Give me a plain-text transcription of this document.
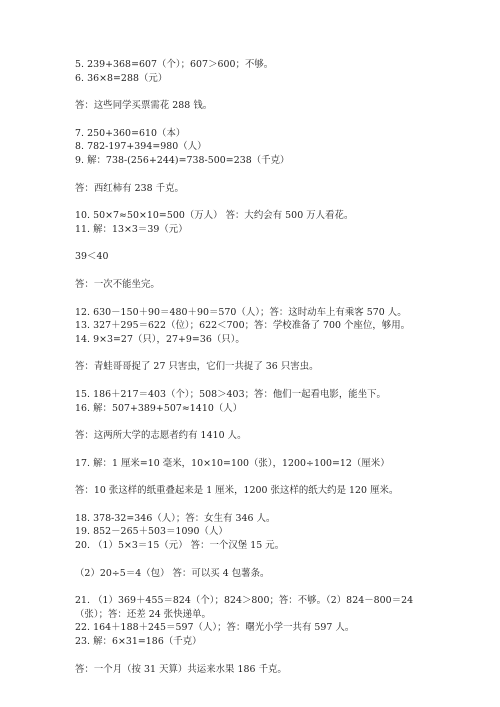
5. 239+368=607（个）；607＞600；不够。
6. 36×8=288（元）
答：这些同学买票需花 288 钱。
7. 250+360=610（本）
8. 782-197+394=980（人）
9. 解：738-(256+244)=738-500=238（千克）
答：西红柿有 238 千克。
10. 50×7≈50×10=500（万人） 答：大约会有 500 万人看花。
11. 解：13×3＝39（元）
39＜40
答：一次不能坐完。
12. 630－150＋90＝480＋90＝570（人）；答：这时动车上有乘客 570 人。
13. 327＋295＝622（位）；622＜700；答：学校准备了 700 个座位，够用。
14. 9×3=27（只），27+9=36（只）。
答：青蛙哥哥捉了 27 只害虫，它们一共捉了 36 只害虫。
15. 186＋217＝403（个）；508＞403；答：他们一起看电影，能坐下。
16. 解：507+389+507≈1410（人）
答：这两所大学的志愿者约有 1410 人。
17. 解：1 厘米=10 毫米，10×10=100（张），1200÷100=12（厘米）
答：10 张这样的纸重叠起来是 1 厘米，1200 张这样的纸大约是 120 厘米。
18. 378-32=346（人）；答：女生有 346 人。
19. 852－265＋503＝1090（人）
20. （1）5×3＝15（元） 答：一个汉堡 15 元。
（2）20÷5＝4（包） 答：可以买 4 包薯条。
21. （1）369＋455＝824（个）；824＞800；答：不够。（2）824－800＝24（张）；答：还差 24 张快递单。
22. 164＋188＋245＝597（人）；答：曙光小学一共有 597 人。
23. 解：6×31=186（千克）
答：一个月（按 31 天算）共运来水果 186 千克。
